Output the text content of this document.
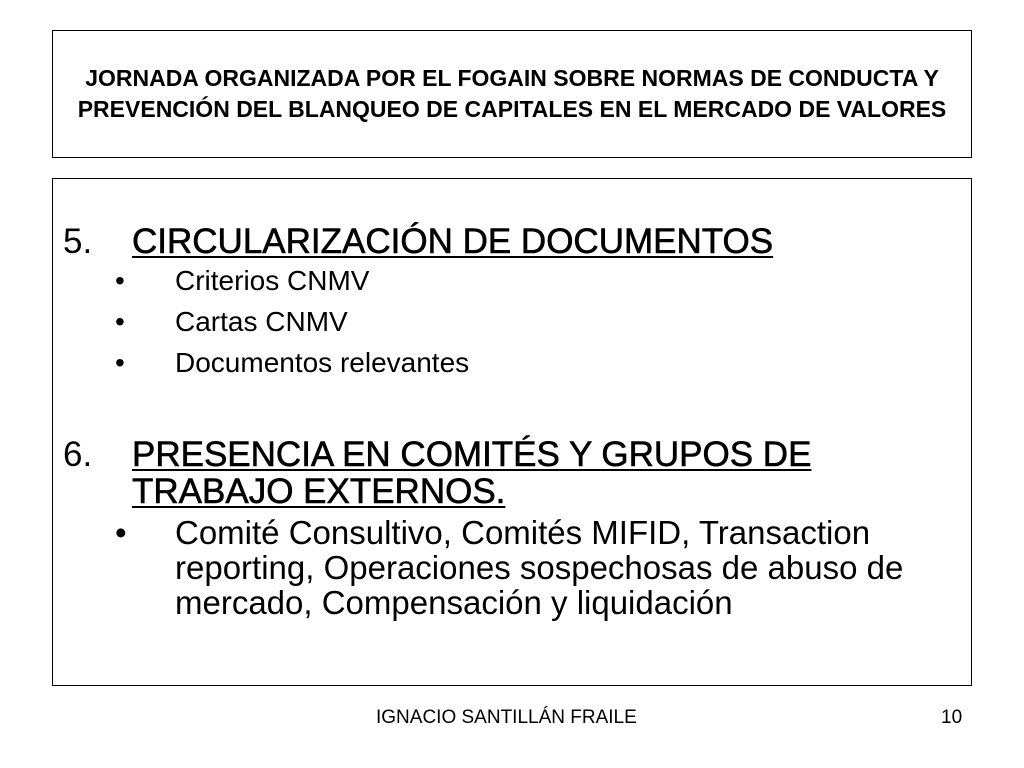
JORNADA ORGANIZADA POR EL FOGAIN SOBRE NORMAS DE CONDUCTA Y PREVENCIÓN DEL BLANQUEO DE CAPITALES EN EL MERCADO DE VALORES

5.	CIRCULARIZACIÓN DE DOCUMENTOS
•	Criterios CNMV
•	Cartas CNMV
•	Documentos relevantes
6.	PRESENCIA EN COMITÉS Y GRUPOS DE TRABAJO EXTERNOS.
•	Comité Consultivo, Comités MIFID, Transaction reporting, Operaciones sospechosas de abuso de mercado, Compensación y liquidación
IGNACIO SANTILLÁN FRAILE	10
